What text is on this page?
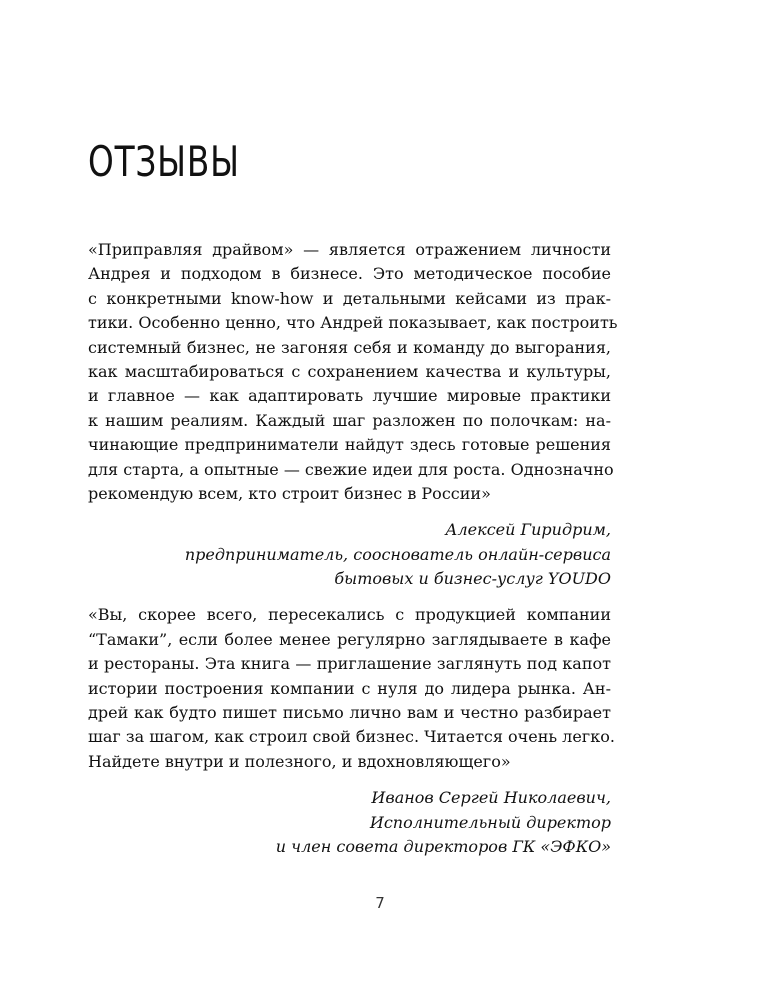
ОТЗЫВЫ
«Приправляя драйвом» — является отражением личности
Андрея и подходом в бизнесе. Это методическое пособие
с конкретными know-how и детальными кейсами из прак-
тики. Особенно ценно, что Андрей показывает, как построить
системный бизнес, не загоняя себя и команду до выгорания,
как масштабироваться с сохранением качества и культуры,
и главное — как адаптировать лучшие мировые практики
к нашим реалиям. Каждый шаг разложен по полочкам: на-
чинающие предприниматели найдут здесь готовые решения
для старта, а опытные — свежие идеи для роста. Однозначно
рекомендую всем, кто строит бизнес в России»
Алексей Гиридрим,
предприниматель, сооснователь онлайн-сервиса
бытовых и бизнес-услуг YOUDO
«Вы, скорее всего, пересекались с продукцией компании
“Тамаки”, если более менее регулярно заглядываете в кафе
и рестораны. Эта книга — приглашение заглянуть под капот
истории построения компании с нуля до лидера рынка. Ан-
дрей как будто пишет письмо лично вам и честно разбирает
шаг за шагом, как строил свой бизнес. Читается очень легко.
Найдете внутри и полезного, и вдохновляющего»
Иванов Сергей Николаевич,
Исполнительный директор
и член совета директоров ГК «ЭФКО»
7
